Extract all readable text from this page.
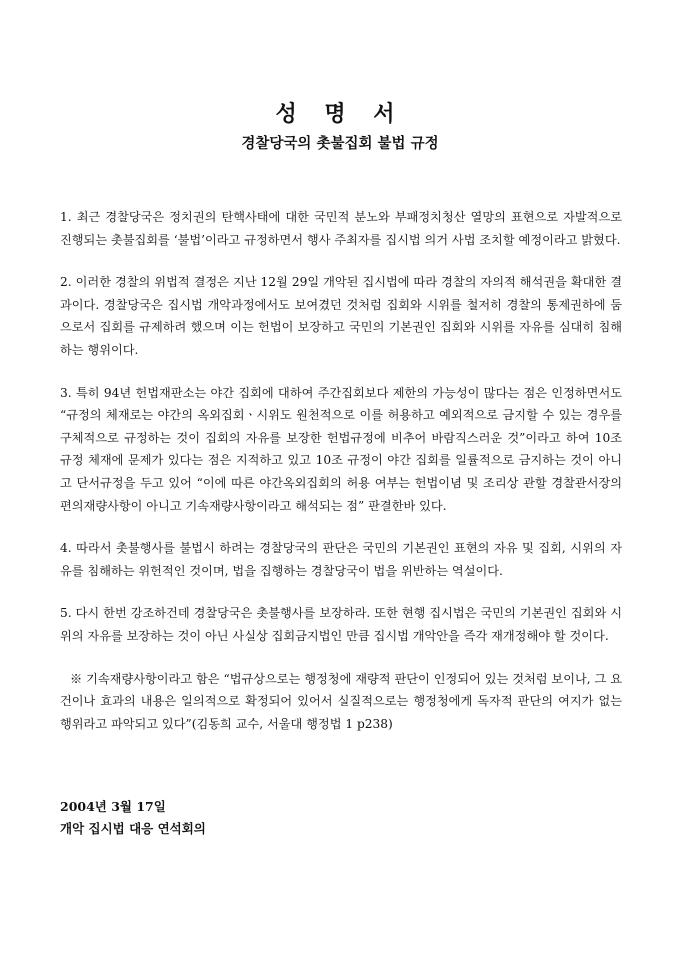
성 명 서
경찰당국의 촛불집회 불법 규정

1. 최근 경찰당국은 정치권의 탄핵사태에 대한 국민적 분노와 부패정치청산 열망의 표현으로 자발적으로 진행되는 촛불집회를 ‘불법’이라고 규정하면서 행사 주최자를 집시법 의거 사법 조치할 예정이라고 밝혔다.

2. 이러한 경찰의 위법적 결정은 지난 12월 29일 개악된 집시법에 따라 경찰의 자의적 해석권을 확대한 결과이다. 경찰당국은 집시법 개악과정에서도 보여겼던 것처럼 집회와 시위를 철저히 경찰의 통제권하에 둠으로서 집회를 규제하려 했으며 이는 헌법이 보장하고 국민의 기본권인 집회와 시위를 자유를 심대히 침해하는 행위이다.

3. 특히 94년 헌법재판소는 야간 집회에 대하여 주간집회보다 제한의 가능성이 많다는 점은 인정하면서도 “규정의 체재로는 야간의 옥외집회ㆍ시위도 원천적으로 이를 허용하고 예외적으로 금지할 수 있는 경우를 구체적으로 규정하는 것이 집회의 자유를 보장한 헌법규정에 비추어 바람직스러운 것”이라고 하여 10조 규정 체재에 문제가 있다는 점은 지적하고 있고 10조 규정이 야간 집회를 일률적으로 금지하는 것이 아니고 단서규정을 두고 있어 “이에 따른 야간옥외집회의 허용 여부는 헌법이념 및 조리상 관할 경찰관서장의 편의재량사항이 아니고 기속재량사항이라고 해석되는 점” 판결한바 있다.

4. 따라서 촛불행사를 불법시 하려는 경찰당국의 판단은 국민의 기본권인 표현의 자유 및 집회, 시위의 자유를 침해하는 위헌적인 것이며, 법을 집행하는 경찰당국이 법을 위반하는 역설이다.

5. 다시 한번 강조하건데 경찰당국은 촛불행사를 보장하라. 또한 현행 집시법은 국민의 기본권인 집회와 시위의 자유를 보장하는 것이 아닌 사실상 집회금지법인 만큼 집시법 개악안을 즉각 재개정해야 할 것이다.

※ 기속재량사항이라고 함은 “법규상으로는 행정청에 재량적 판단이 인정되어 있는 것처럼 보이나, 그 요건이나 효과의 내용은 일의적으로 확정되어 있어서 실질적으로는 행정청에게 독자적 판단의 여지가 없는 행위라고 파악되고 있다”(김동희 교수, 서울대 행정법 1 p238)

2004년 3월 17일
개악 집시법 대응 연석회의
